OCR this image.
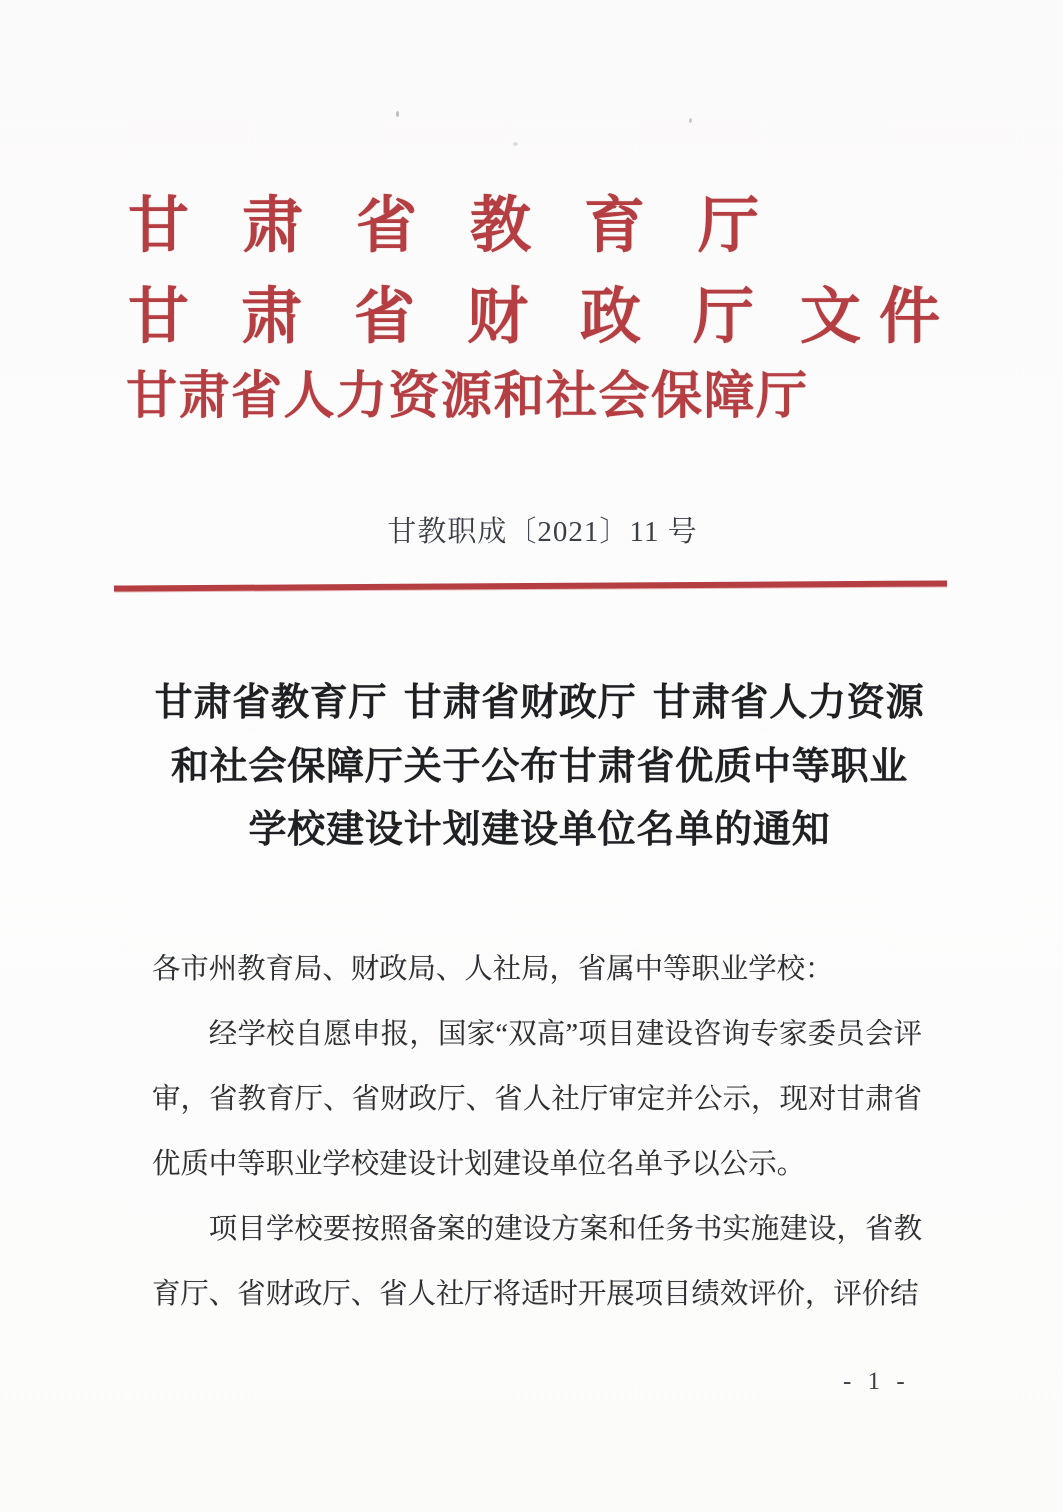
甘肃省教育厅
甘肃省财政厅文件
甘肃省人力资源和社会保障厅
甘教职成〔2021〕11 号
甘肃省教育厅 甘肃省财政厅 甘肃省人力资源
和社会保障厅关于公布甘肃省优质中等职业
学校建设计划建设单位名单的通知

各市州教育局、财政局、人社局，省属中等职业学校：

经学校自愿申报，国家“双高”项目建设咨询专家委员会评审，省教育厅、省财政厅、省人社厅审定并公示，现对甘肃省优质中等职业学校建设计划建设单位名单予以公示。

项目学校要按照备案的建设方案和任务书实施建设，省教育厅、省财政厅、省人社厅将适时开展项目绩效评价，评价结

- 1 -
